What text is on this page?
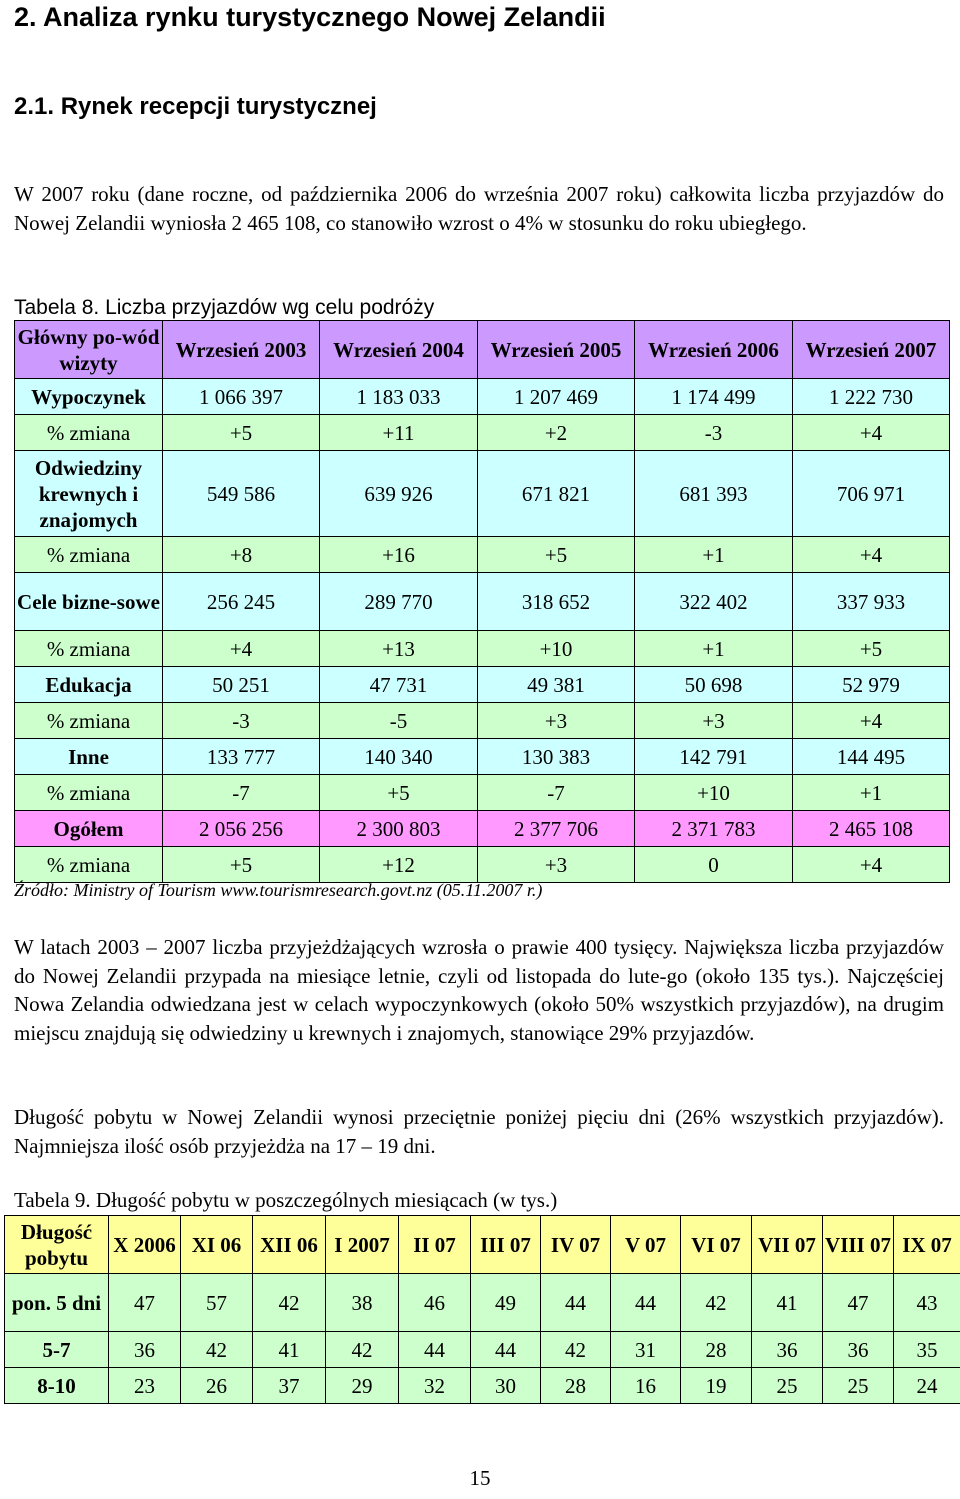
2. Analiza rynku turystycznego Nowej Zelandii
2.1. Rynek recepcji turystycznej
W 2007 roku (dane roczne, od października 2006 do września 2007 roku) całkowita liczba przyjazdów do Nowej Zelandii wyniosła 2 465 108, co stanowiło wzrost o 4% w stosunku do roku ubiegłego.
Tabela 8. Liczba przyjazdów wg celu podróży
Główny po-wód wizyty	Wrzesień 2003	Wrzesień 2004	Wrzesień 2005	Wrzesień 2006	Wrzesień 2007
Wypoczynek	1 066 397	1 183 033	1 207 469	1 174 499	1 222 730
% zmiana	+5	+11	+2	-3	+4
Odwiedziny krewnych i znajomych	549 586	639 926	671 821	681 393	706 971
% zmiana	+8	+16	+5	+1	+4
Cele bizne-sowe	256 245	289 770	318 652	322 402	337 933
% zmiana	+4	+13	+10	+1	+5
Edukacja	50 251	47 731	49 381	50 698	52 979
% zmiana	-3	-5	+3	+3	+4
Inne	133 777	140 340	130 383	142 791	144 495
% zmiana	-7	+5	-7	+10	+1
Ogółem	2 056 256	2 300 803	2 377 706	2 371 783	2 465 108
% zmiana	+5	+12	+3	0	+4
Źródło: Ministry of Tourism www.tourismresearch.govt.nz (05.11.2007 r.)
W latach 2003 – 2007 liczba przyjeżdżających wzrosła o prawie 400 tysięcy. Największa liczba przyjazdów do Nowej Zelandii przypada na miesiące letnie, czyli od listopada do lute-go (około 135 tys.). Najczęściej Nowa Zelandia odwiedzana jest w celach wypoczynkowych (około 50% wszystkich przyjazdów), na drugim miejscu znajdują się odwiedziny u krewnych i znajomych, stanowiące 29% przyjazdów.
Długość pobytu w Nowej Zelandii wynosi przeciętnie poniżej pięciu dni (26% wszystkich przyjazdów). Najmniejsza ilość osób przyjeżdża na 17 – 19 dni.
Tabela 9. Długość pobytu w poszczególnych miesiącach (w tys.)
Długość pobytu	X 2006	XI 06	XII 06	I 2007	II 07	III 07	IV 07	V 07	VI 07	VII 07	VIII 07	IX 07
pon. 5 dni	47	57	42	38	46	49	44	44	42	41	47	43
5-7	36	42	41	42	44	44	42	31	28	36	36	35
8-10	23	26	37	29	32	30	28	16	19	25	25	24
15
